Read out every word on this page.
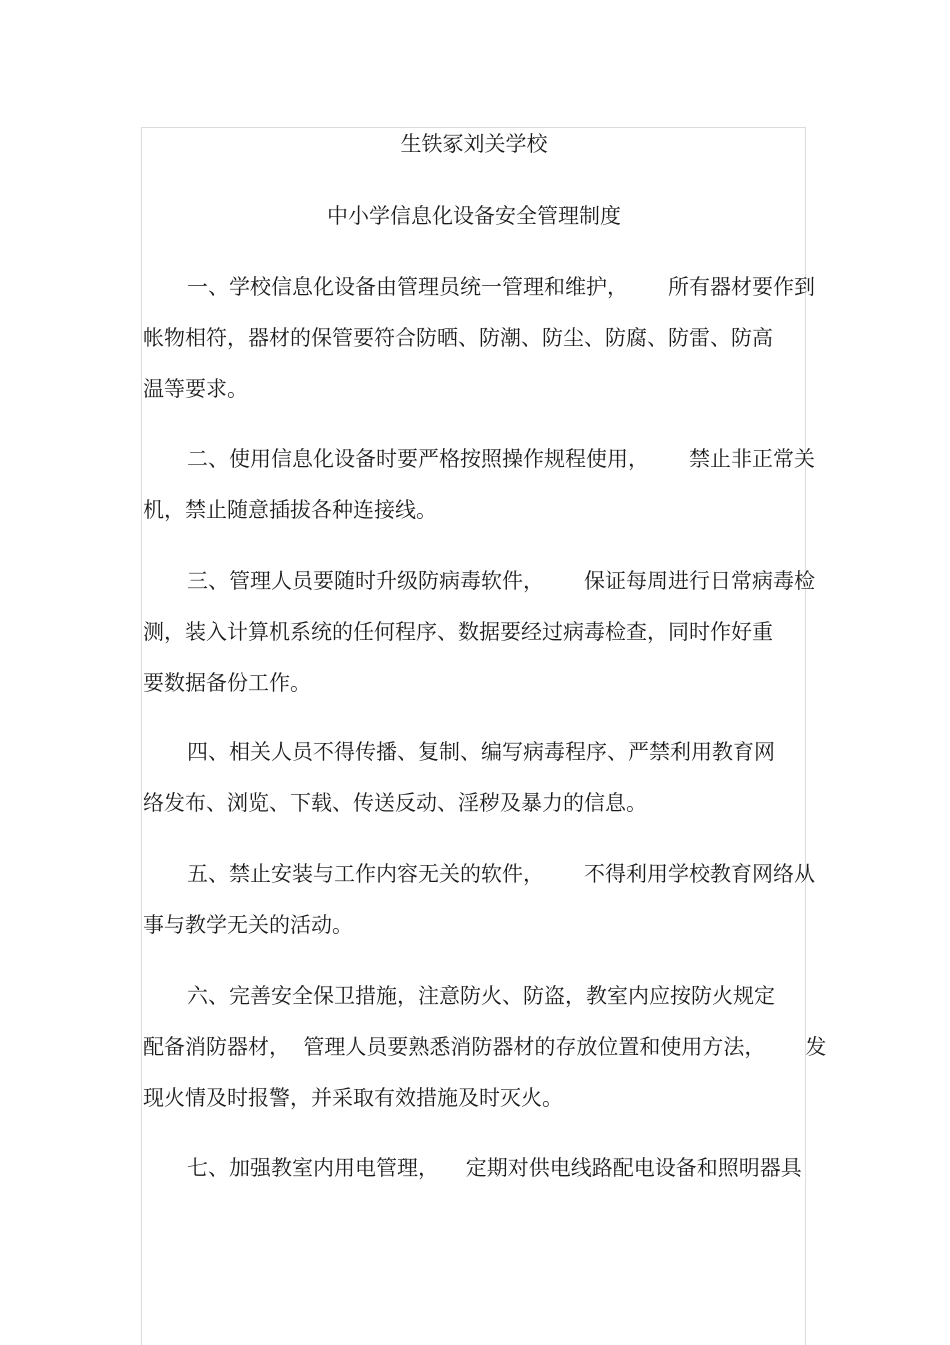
生铁冢刘关学校
中小学信息化设备安全管理制度
一、学校信息化设备由管理员统一管理和维护，      所有器材要作到
帐物相符，器材的保管要符合防晒、防潮、防尘、防腐、防雷、防高
温等要求。
二、使用信息化设备时要严格按照操作规程使用，      禁止非正常关
机，禁止随意插拔各种连接线。
三、管理人员要随时升级防病毒软件，      保证每周进行日常病毒检
测，装入计算机系统的任何程序、数据要经过病毒检查，同时作好重
要数据备份工作。
四、相关人员不得传播、复制、编写病毒程序、严禁利用教育网
络发布、浏览、下载、传送反动、淫秽及暴力的信息。
五、禁止安装与工作内容无关的软件，      不得利用学校教育网络从
事与教学无关的活动。
六、完善安全保卫措施，注意防火、防盗，教室内应按防火规定
配备消防器材，  管理人员要熟悉消防器材的存放位置和使用方法，      发
现火情及时报警，并采取有效措施及时灭火。
七、加强教室内用电管理，    定期对供电线路配电设备和照明器具
